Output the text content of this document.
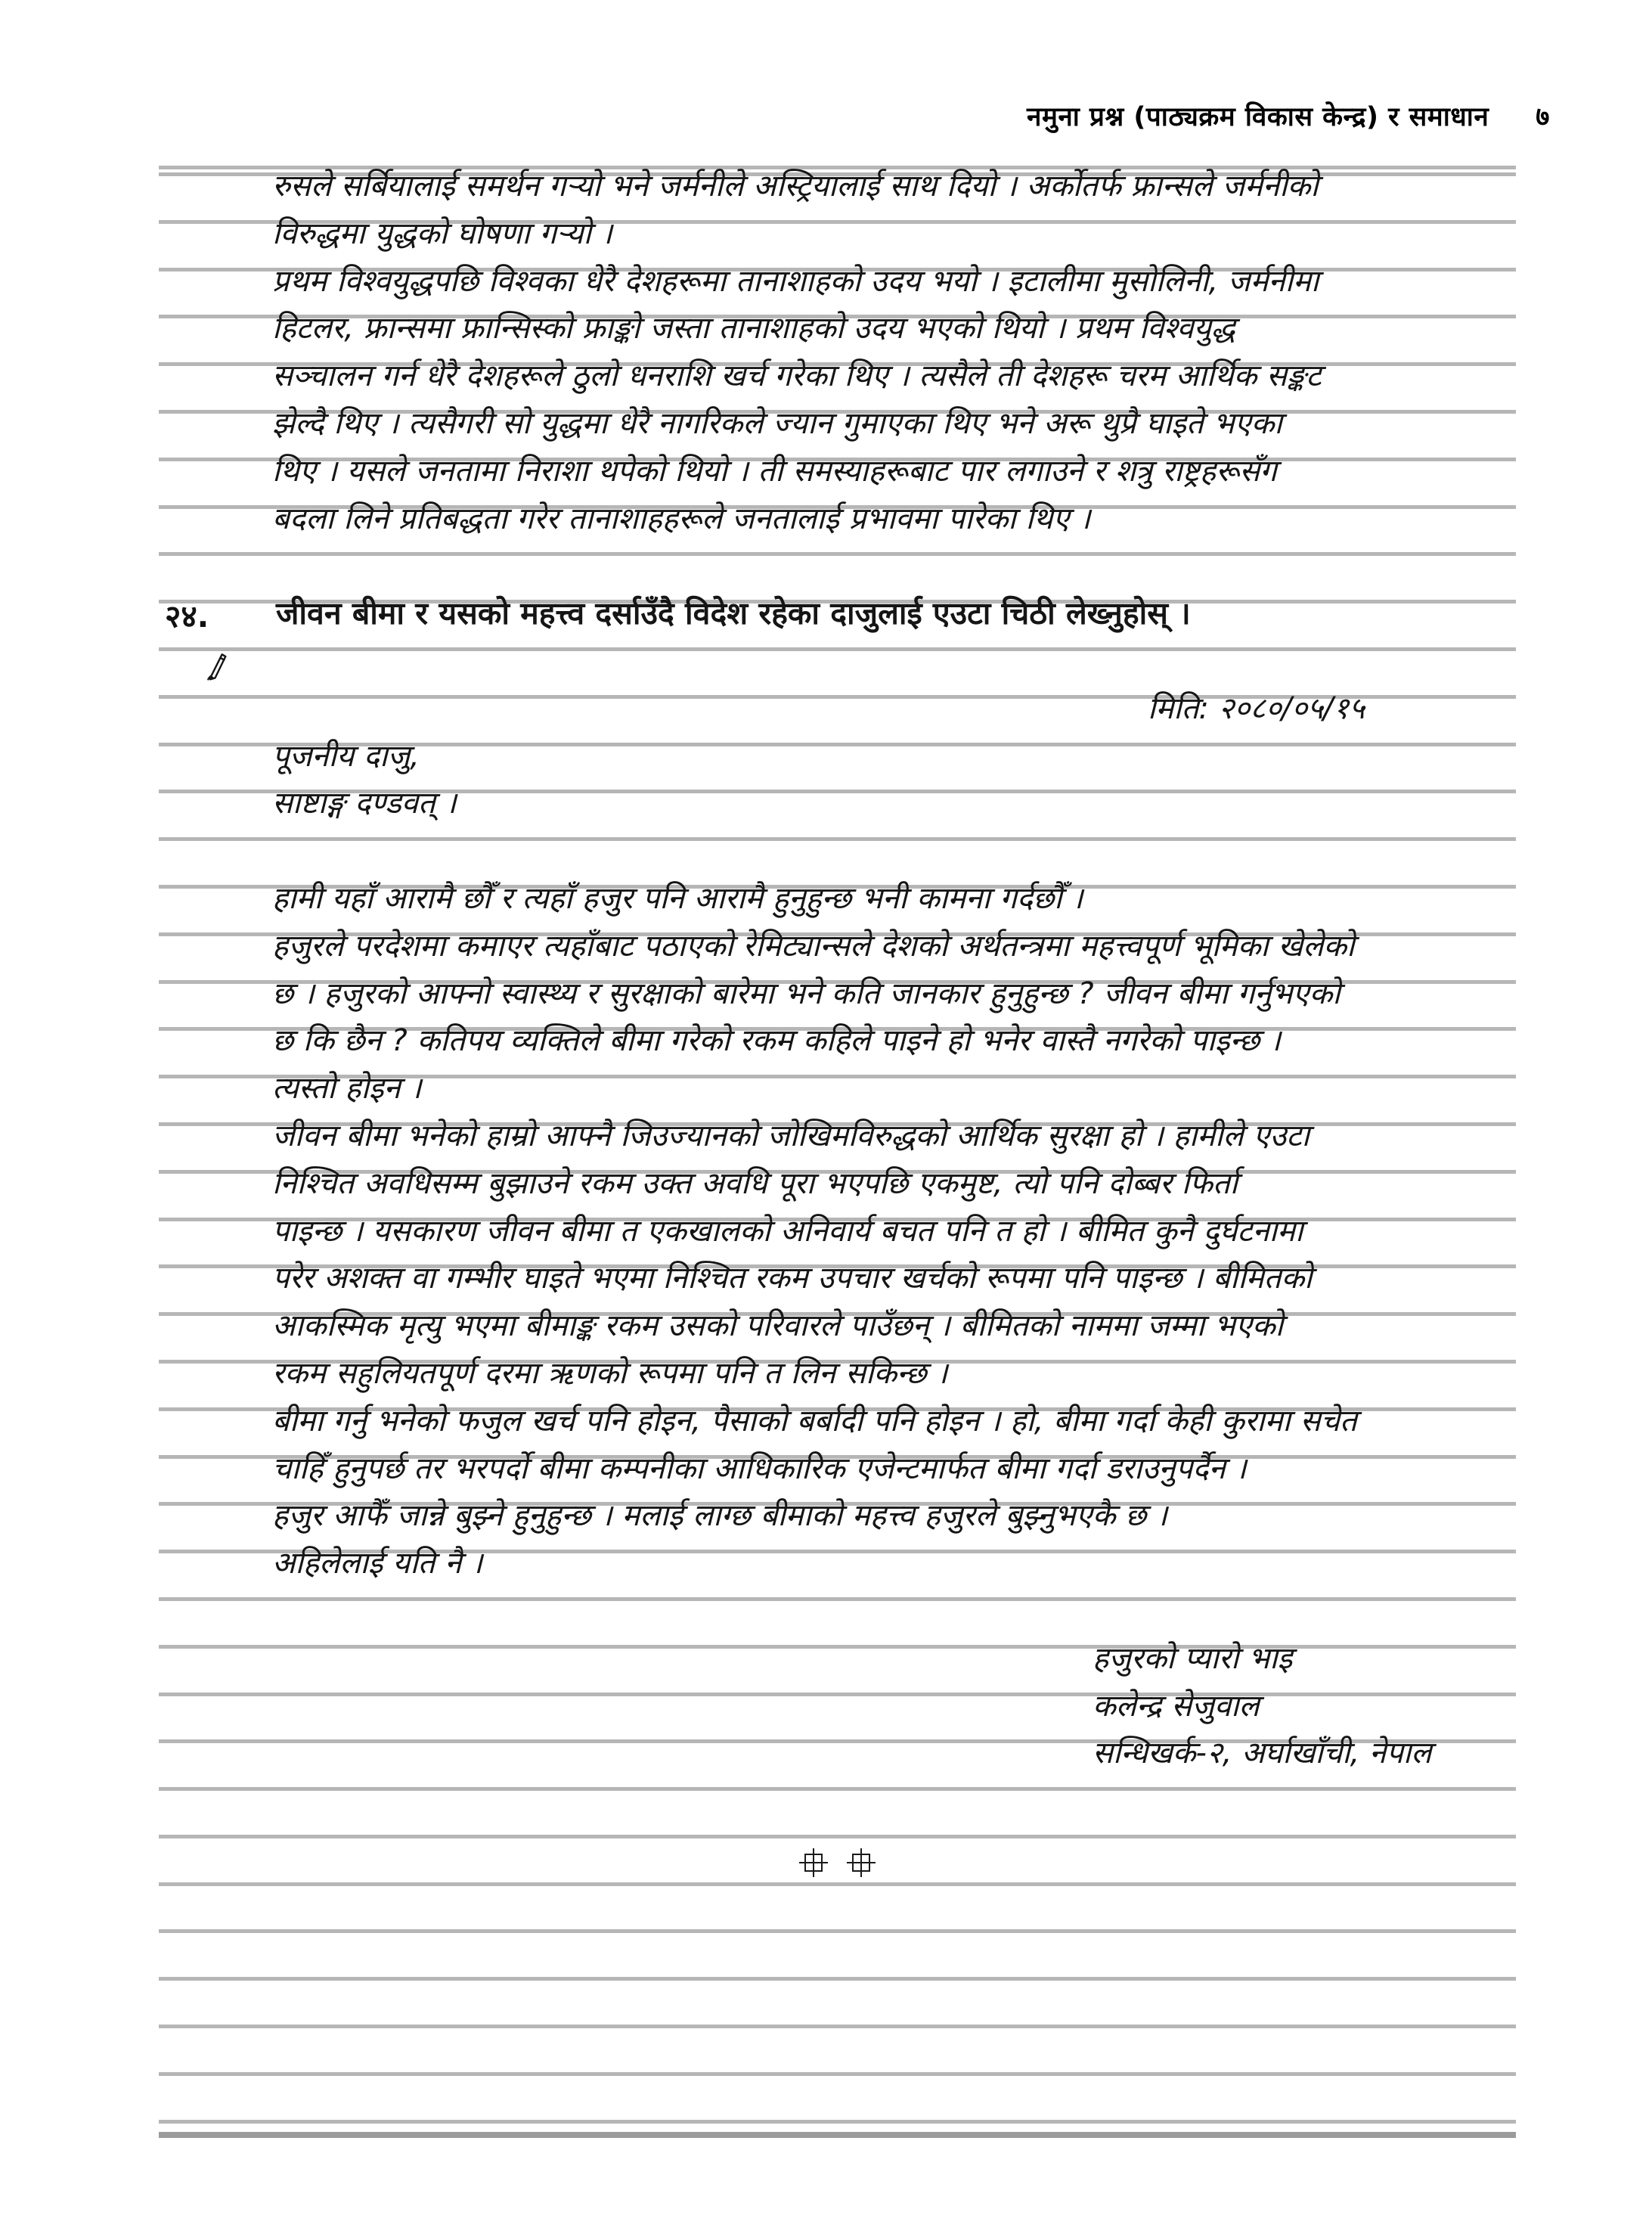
नमुना प्रश्न (पाठ्यक्रम विकास केन्द्र) र समाधान ७
रुसले सर्बियालाई समर्थन गऱ्यो भने जर्मनीले अस्ट्रियालाई साथ दियो । अर्कोतर्फ फ्रान्सले जर्मनीको
विरुद्धमा युद्धको घोषणा गऱ्यो ।
प्रथम विश्वयुद्धपछि विश्वका धेरै देशहरूमा तानाशाहको उदय भयो । इटालीमा मुसोलिनी, जर्मनीमा
हिटलर, फ्रान्समा फ्रान्सिस्को फ्राङ्को जस्ता तानाशाहको उदय भएको थियो । प्रथम विश्वयुद्ध
सञ्चालन गर्न धेरै देशहरूले ठुलो धनराशि खर्च गरेका थिए । त्यसैले ती देशहरू चरम आर्थिक सङ्कट
झेल्दै थिए । त्यसैगरी सो युद्धमा धेरै नागरिकले ज्यान गुमाएका थिए भने अरू थुप्रै घाइते भएका
थिए । यसले जनतामा निराशा थपेको थियो । ती समस्याहरूबाट पार लगाउने र शत्रु राष्ट्रहरूसँग
बदला लिने प्रतिबद्धता गरेर तानाशाहहरूले जनतालाई प्रभावमा पारेका थिए ।
२४. जीवन बीमा र यसको महत्त्व दर्साउँदै विदेश रहेका दाजुलाई एउटा चिठी लेख्नुहोस् ।
मिति: २०८०/०५/१५
पूजनीय दाजु,
साष्टाङ्ग दण्डवत् ।
हामी यहाँ आरामै छौँ र त्यहाँ हजुर पनि आरामै हुनुहुन्छ भनी कामना गर्दछौँ ।
हजुरले परदेशमा कमाएर त्यहाँबाट पठाएको रेमिट्यान्सले देशको अर्थतन्त्रमा महत्त्वपूर्ण भूमिका खेलेको
छ । हजुरको आफ्नो स्वास्थ्य र सुरक्षाको बारेमा भने कति जानकार हुनुहुन्छ ? जीवन बीमा गर्नुभएको
छ कि छैन ? कतिपय व्यक्तिले बीमा गरेको रकम कहिले पाइने हो भनेर वास्तै नगरेको पाइन्छ ।
त्यस्तो होइन ।
जीवन बीमा भनेको हाम्रो आफ्नै जिउज्यानको जोखिमविरुद्धको आर्थिक सुरक्षा हो । हामीले एउटा
निश्चित अवधिसम्म बुझाउने रकम उक्त अवधि पूरा भएपछि एकमुष्ट, त्यो पनि दोब्बर फिर्ता
पाइन्छ । यसकारण जीवन बीमा त एकखालको अनिवार्य बचत पनि त हो । बीमित कुनै दुर्घटनामा
परेर अशक्त वा गम्भीर घाइते भएमा निश्चित रकम उपचार खर्चको रूपमा पनि पाइन्छ । बीमितको
आकस्मिक मृत्यु भएमा बीमाङ्क रकम उसको परिवारले पाउँछन् । बीमितको नाममा जम्मा भएको
रकम सहुलियतपूर्ण दरमा ऋणको रूपमा पनि त लिन सकिन्छ ।
बीमा गर्नु भनेको फजुल खर्च पनि होइन, पैसाको बर्बादी पनि होइन । हो, बीमा गर्दा केही कुरामा सचेत
चाहिँ हुनुपर्छ तर भरपर्दो बीमा कम्पनीका आधिकारिक एजेन्टमार्फत बीमा गर्दा डराउनुपर्दैन ।
हजुर आफैँ जान्ने बुझ्ने हुनुहुन्छ । मलाई लाग्छ बीमाको महत्त्व हजुरले बुझ्नुभएकै छ ।
अहिलेलाई यति नै ।
हजुरको प्यारो भाइ
कलेन्द्र सेजुवाल
सन्धिखर्क-२, अर्घाखाँची, नेपाल
